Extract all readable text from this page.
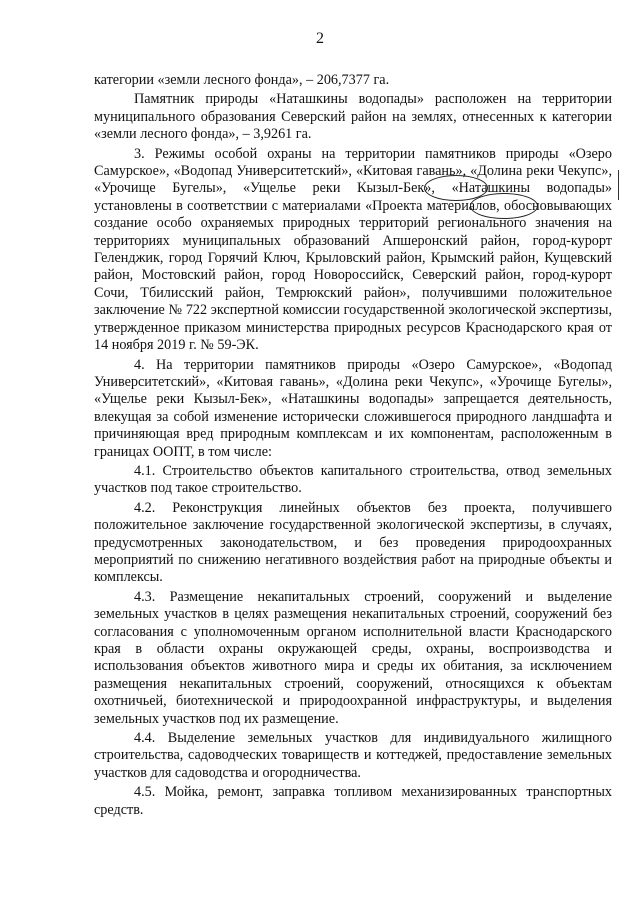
2

категории «земли лесного фонда», – 206,7377 га.

Памятник природы «Наташкины водопады» расположен на территории муниципального образования Северский район на землях, отнесенных к категории «земли лесного фонда», – 3,9261 га.

3. Режимы особой охраны на территории памятников природы «Озеро Самурское», «Водопад Университетский», «Китовая гавань», «Долина реки Чекупс», «Урочище Бугелы», «Ущелье реки Кызыл-Бек», «Наташкины водопады» установлены в соответствии с материалами «Проекта материалов, обосновывающих создание особо охраняемых природных территорий регионального значения на территориях муниципальных образований Апшеронский район, город-курорт Геленджик, город Горячий Ключ, Крыловский район, Крымский район, Кущевский район, Мостовский район, город Новороссийск, Северский район, город-курорт Сочи, Тбилисский район, Темрюкский район», получившими положительное заключение № 722 экспертной комиссии государственной экологической экспертизы, утвержденное приказом министерства природных ресурсов Краснодарского края от 14 ноября 2019 г. № 59-ЭК.

4. На территории памятников природы «Озеро Самурское», «Водопад Университетский», «Китовая гавань», «Долина реки Чекупс», «Урочище Бугелы», «Ущелье реки Кызыл-Бек», «Наташкины водопады» запрещается деятельность, влекущая за собой изменение исторически сложившегося природного ландшафта и причиняющая вред природным комплексам и их компонентам, расположенным в границах ООПТ, в том числе:

4.1. Строительство объектов капитального строительства, отвод земельных участков под такое строительство.

4.2. Реконструкция линейных объектов без проекта, получившего положительное заключение государственной экологической экспертизы, в случаях, предусмотренных законодательством, и без проведения природоохранных мероприятий по снижению негативного воздействия работ на природные объекты и комплексы.

4.3. Размещение некапитальных строений, сооружений и выделение земельных участков в целях размещения некапитальных строений, сооружений без согласования с уполномоченным органом исполнительной власти Краснодарского края в области охраны окружающей среды, охраны, воспроизводства и использования объектов животного мира и среды их обитания, за исключением размещения некапитальных строений, сооружений, относящихся к объектам охотничьей, биотехнической и природоохранной инфраструктуры, и выделения земельных участков под их размещение.

4.4. Выделение земельных участков для индивидуального жилищного строительства, садоводческих товариществ и коттеджей, предоставление земельных участков для садоводства и огородничества.

4.5. Мойка, ремонт, заправка топливом механизированных транспортных средств.
